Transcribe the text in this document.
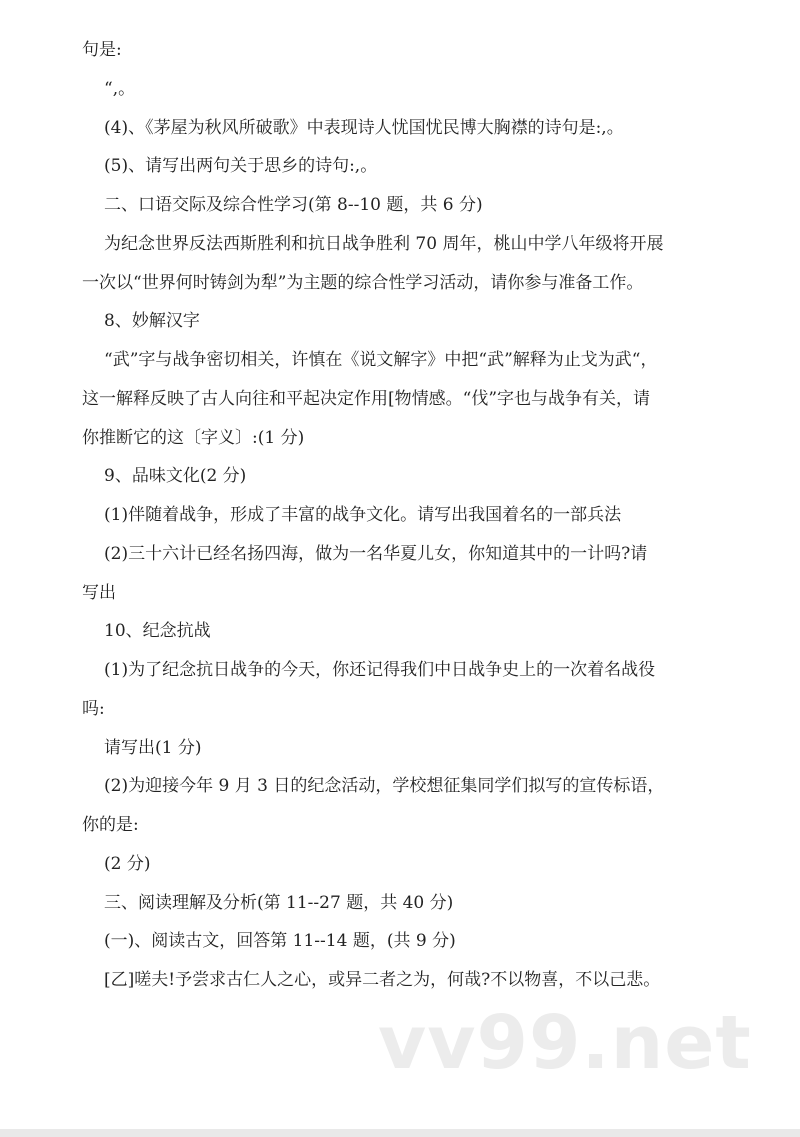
句是:
“,。
(4)、《茅屋为秋风所破歌》中表现诗人忧国忧民博大胸襟的诗句是:,。
(5)、请写出两句关于思乡的诗句:,。
二、口语交际及综合性学习(第 8--10 题，共 6 分)
为纪念世界反法西斯胜利和抗日战争胜利 70 周年，桃山中学八年级将开展
一次以“世界何时铸剑为犁”为主题的综合性学习活动，请你参与准备工作。
8、妙解汉字
“武”字与战争密切相关，许慎在《说文解字》中把“武”解释为止戈为武“，
这一解释反映了古人向往和平起决定作用[物情感。“伐”字也与战争有关，请
你推断它的这〔字义〕:(1 分)
9、品味文化(2 分)
(1)伴随着战争，形成了丰富的战争文化。请写出我国着名的一部兵法
(2)三十六计已经名扬四海，做为一名华夏儿女，你知道其中的一计吗?请
写出
10、纪念抗战
(1)为了纪念抗日战争的今天，你还记得我们中日战争史上的一次着名战役
吗:
请写出(1 分)
(2)为迎接今年 9 月 3 日的纪念活动，学校想征集同学们拟写的宣传标语，
你的是:
(2 分)
三、阅读理解及分析(第 11--27 题，共 40 分)
(一)、阅读古文，回答第 11--14 题，(共 9 分)
[乙]嗟夫!予尝求古仁人之心，或异二者之为，何哉?不以物喜，不以己悲。
vv99.net
